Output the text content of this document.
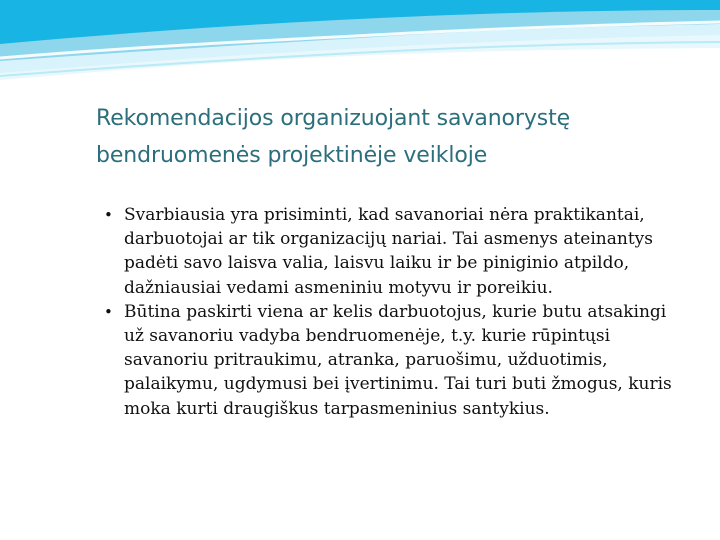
Rekomendacijos organizuojant savanorystę
bendruomenės projektinėje veikloje
• Svarbiausia yra prisiminti, kad savanoriai nėra praktikantai, darbuotojai ar tik organizacijų nariai. Tai asmenys ateinantys padėti savo laisva valia, laisvu laiku ir be piniginio atpildo, dažniausiai vedami asmeniniu motyvu ir poreikiu.
• Būtina paskirti viena ar kelis darbuotojus, kurie butu atsakingi už savanoriu vadyba bendruomenėje, t.y. kurie rūpintųsi savanoriu pritraukimu, atranka, paruošimu, užduotimis, palaikymu, ugdymusi bei įvertinimu. Tai turi buti žmogus, kuris moka kurti draugiškus tarpasmeninius santykius.
